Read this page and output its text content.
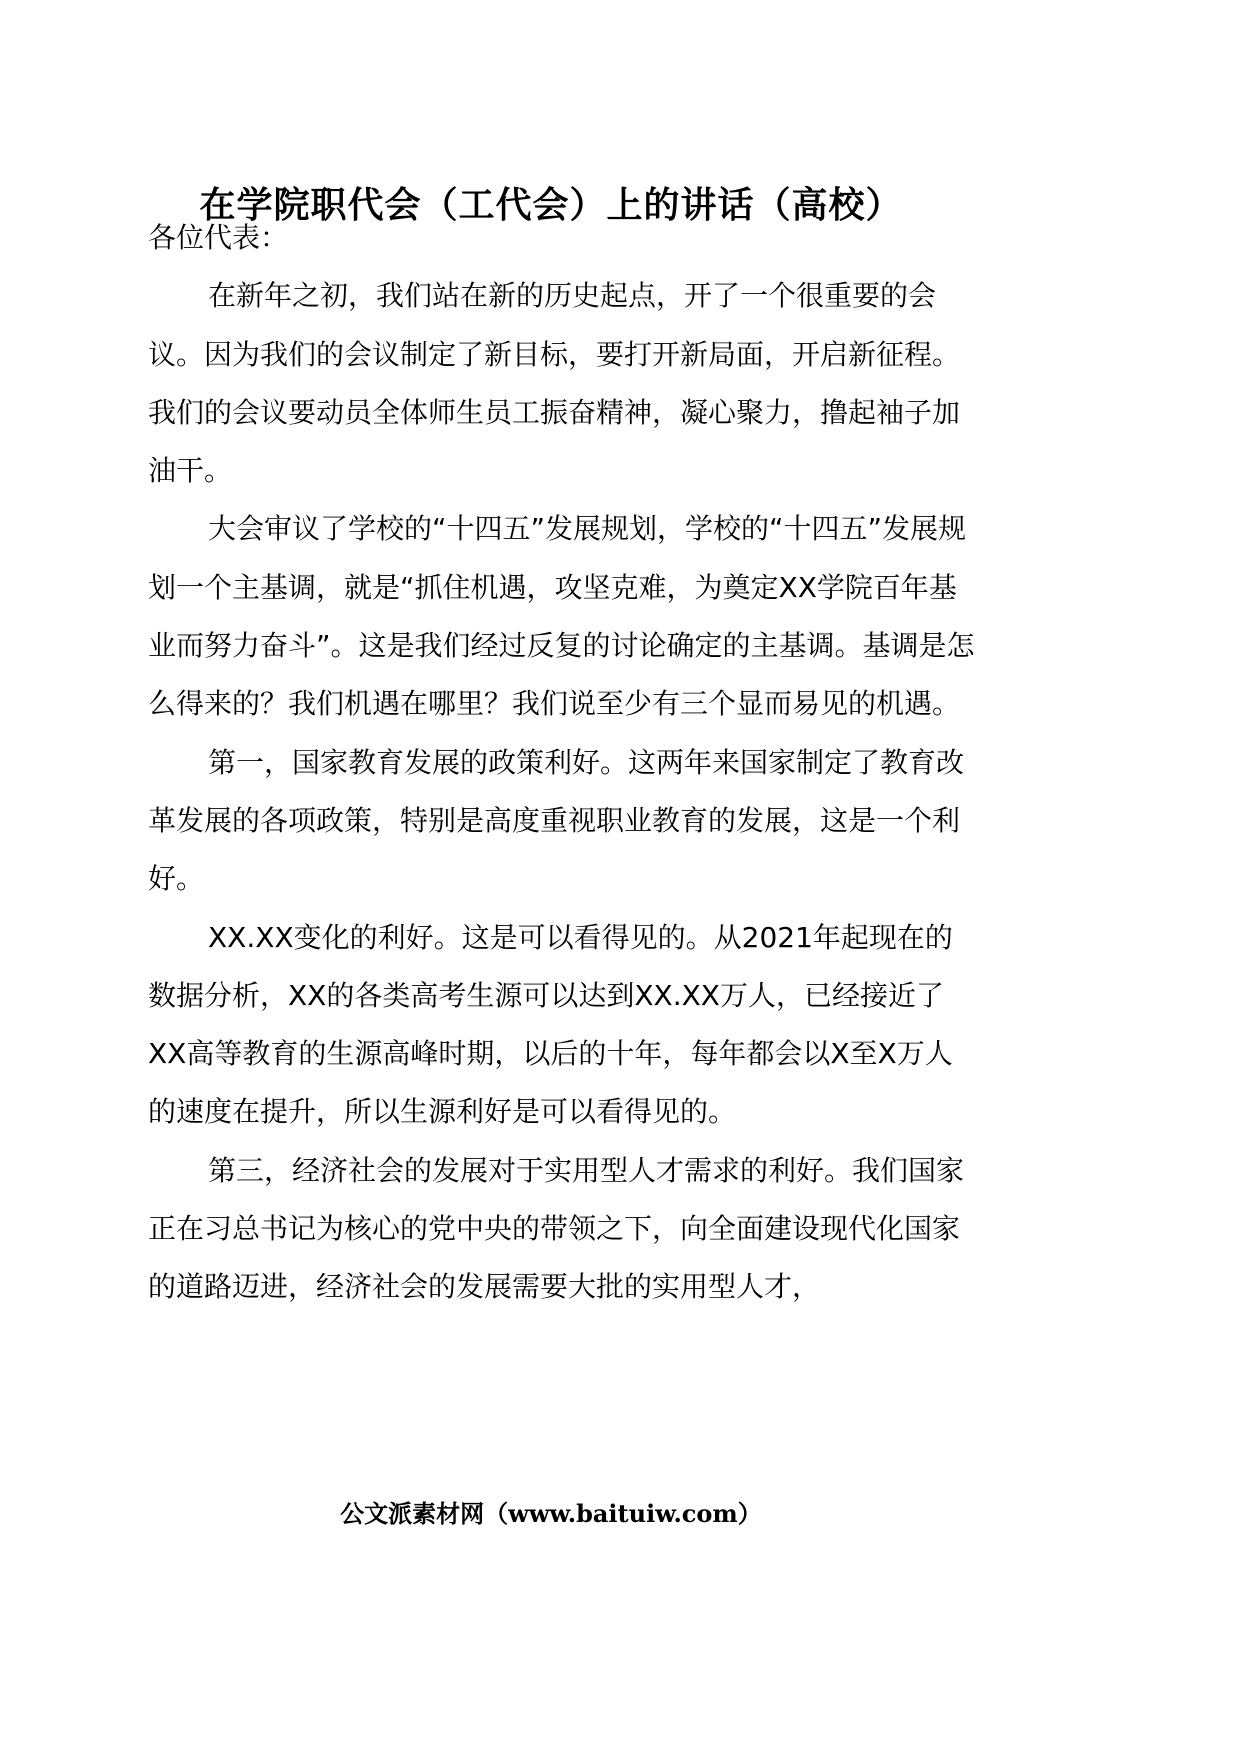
在学院职代会（工代会）上的讲话（高校）

各位代表：

在新年之初，我们站在新的历史起点，开了一个很重要的会议。因为我们的会议制定了新目标，要打开新局面，开启新征程。我们的会议要动员全体师生员工振奋精神，凝心聚力，撸起袖子加油干。

大会审议了学校的“十四五”发展规划，学校的“十四五”发展规划一个主基调，就是“抓住机遇，攻坚克难，为奠定XX学院百年基业而努力奋斗”。这是我们经过反复的讨论确定的主基调。基调是怎么得来的？我们机遇在哪里？我们说至少有三个显而易见的机遇。

第一，国家教育发展的政策利好。这两年来国家制定了教育改革发展的各项政策，特别是高度重视职业教育的发展，这是一个利好。

XX.XX变化的利好。这是可以看得见的。从2021年起现在的数据分析，XX的各类高考生源可以达到XX.XX万人，已经接近了XX高等教育的生源高峰时期，以后的十年，每年都会以X至X万人的速度在提升，所以生源利好是可以看得见的。

第三，经济社会的发展对于实用型人才需求的利好。我们国家正在习总书记为核心的党中央的带领之下，向全面建设现代化国家的道路迈进，经济社会的发展需要大批的实用型人才，

公文派素材网（www.baituiw.com）
